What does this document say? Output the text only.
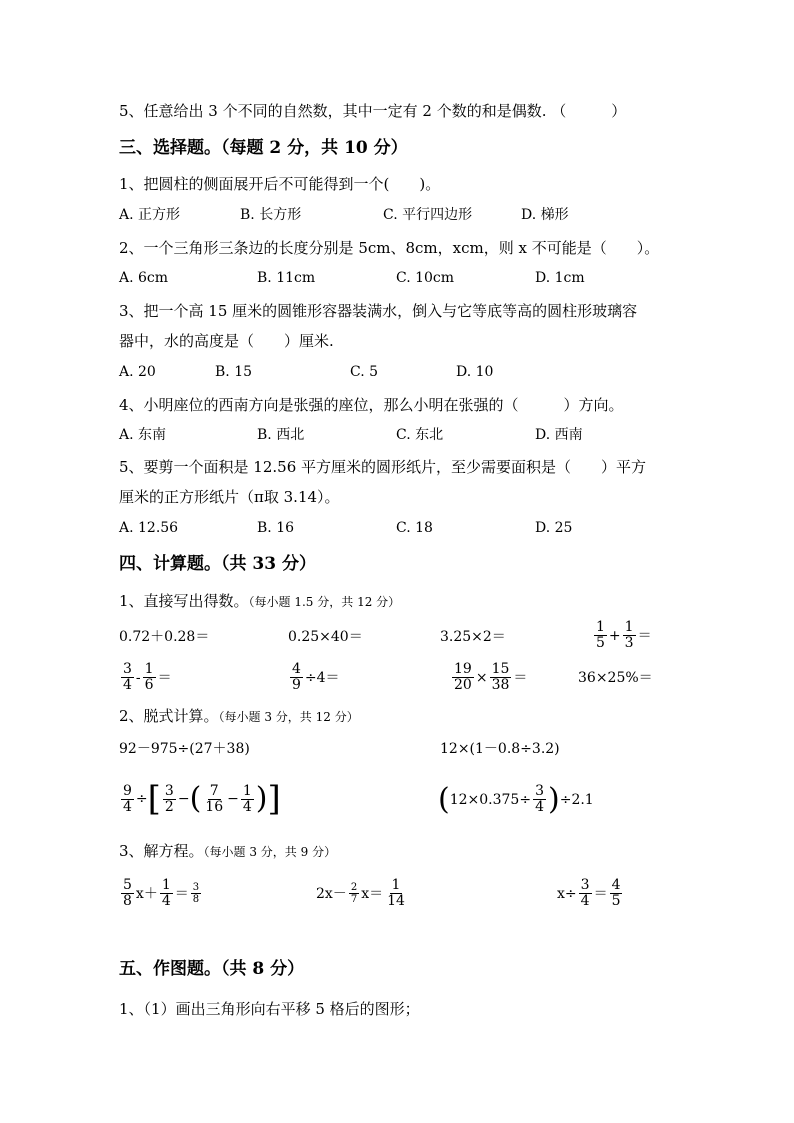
5、任意给出 3 个不同的自然数，其中一定有 2 个数的和是偶数. （　　　）
三、选择题。（每题 2 分，共 10 分）
1、把圆柱的侧面展开后不可能得到一个(　　)。
A. 正方形	B. 长方形	C. 平行四边形	D. 梯形
2、一个三角形三条边的长度分别是 5cm、8cm，xcm，则 x 不可能是（　　）。
A. 6cm	B. 11cm	C. 10cm	D. 1cm
3、把一个高 15 厘米的圆锥形容器装满水，倒入与它等底等高的圆柱形玻璃容
器中，水的高度是（　　）厘米.
A. 20	B. 15	C. 5	D. 10
4、小明座位的西南方向是张强的座位，那么小明在张强的（　　　）方向。
A. 东南	B. 西北	C. 东北	D. 西南
5、要剪一个面积是 12.56 平方厘米的圆形纸片，至少需要面积是（　　）平方
厘米的正方形纸片（π取 3.14）。
A. 12.56	B. 16	C. 18	D. 25
四、计算题。（共 33 分）
1、直接写出得数。（每小题 1.5 分，共 12 分）
0.72＋0.28＝	0.25×40＝	3.25×2＝	$\frac{1}{5} + \frac{1}{3}$ ＝
$\frac{3}{4} - \frac{1}{6}$ ＝	$\frac{4}{9} \div 4=$	$\frac{19}{20} \times \frac{15}{38}$ ＝	36×25%＝
2、脱式计算。（每小题 3 分，共 12 分）
92－975÷(27＋38)	12×(1－0.8÷3.2)
$\frac{9}{4}$ ÷ [ $\frac{3}{2}$ − ( $\frac{7}{16} - \frac{1}{4}$ ) ]	( $12\times 0.375\div \frac{3}{4}$ ) ÷2.1
3、解方程。（每小题 3 分，共 9 分）
$\frac{5}{8} x+ \frac{1}{4} = \frac{3}{8}$	$2x- \frac{2}{7} x= \frac{1}{14}$	$x\div \frac{3}{4} = \frac{4}{5}$
五、作图题。（共 8 分）
1、（1）画出三角形向右平移 5 格后的图形；
